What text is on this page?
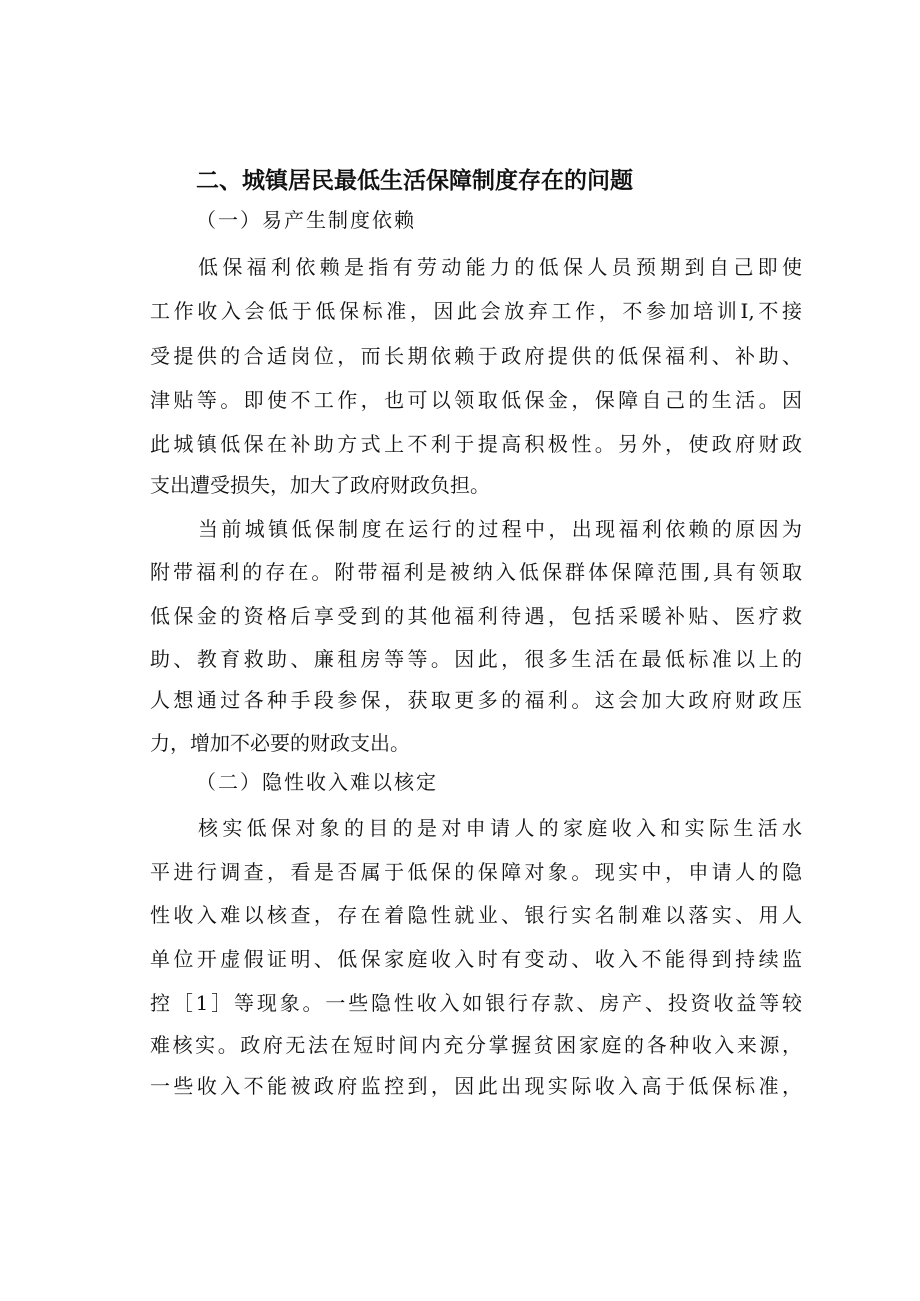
二、城镇居民最低生活保障制度存在的问题
（一）易产生制度依赖
低保福利依赖是指有劳动能力的低保人员预期到自己即使
工作收入会低于低保标准，因此会放弃工作，不参加培训I,不接
受提供的合适岗位，而长期依赖于政府提供的低保福利、补助、
津贴等。即使不工作，也可以领取低保金，保障自己的生活。因
此城镇低保在补助方式上不利于提高积极性。另外，使政府财政
支出遭受损失，加大了政府财政负担。
当前城镇低保制度在运行的过程中，出现福利依赖的原因为
附带福利的存在。附带福利是被纳入低保群体保障范围,具有领取
低保金的资格后享受到的其他福利待遇，包括采暖补贴、医疗救
助、教育救助、廉租房等等。因此，很多生活在最低标准以上的
人想通过各种手段参保，获取更多的福利。这会加大政府财政压
力，增加不必要的财政支出。
（二）隐性收入难以核定
核实低保对象的目的是对申请人的家庭收入和实际生活水
平进行调查，看是否属于低保的保障对象。现实中，申请人的隐
性收入难以核查，存在着隐性就业、银行实名制难以落实、用人
单位开虚假证明、低保家庭收入时有变动、收入不能得到持续监
控［1］等现象。一些隐性收入如银行存款、房产、投资收益等较
难核实。政府无法在短时间内充分掌握贫困家庭的各种收入来源，
一些收入不能被政府监控到，因此出现实际收入高于低保标准，
